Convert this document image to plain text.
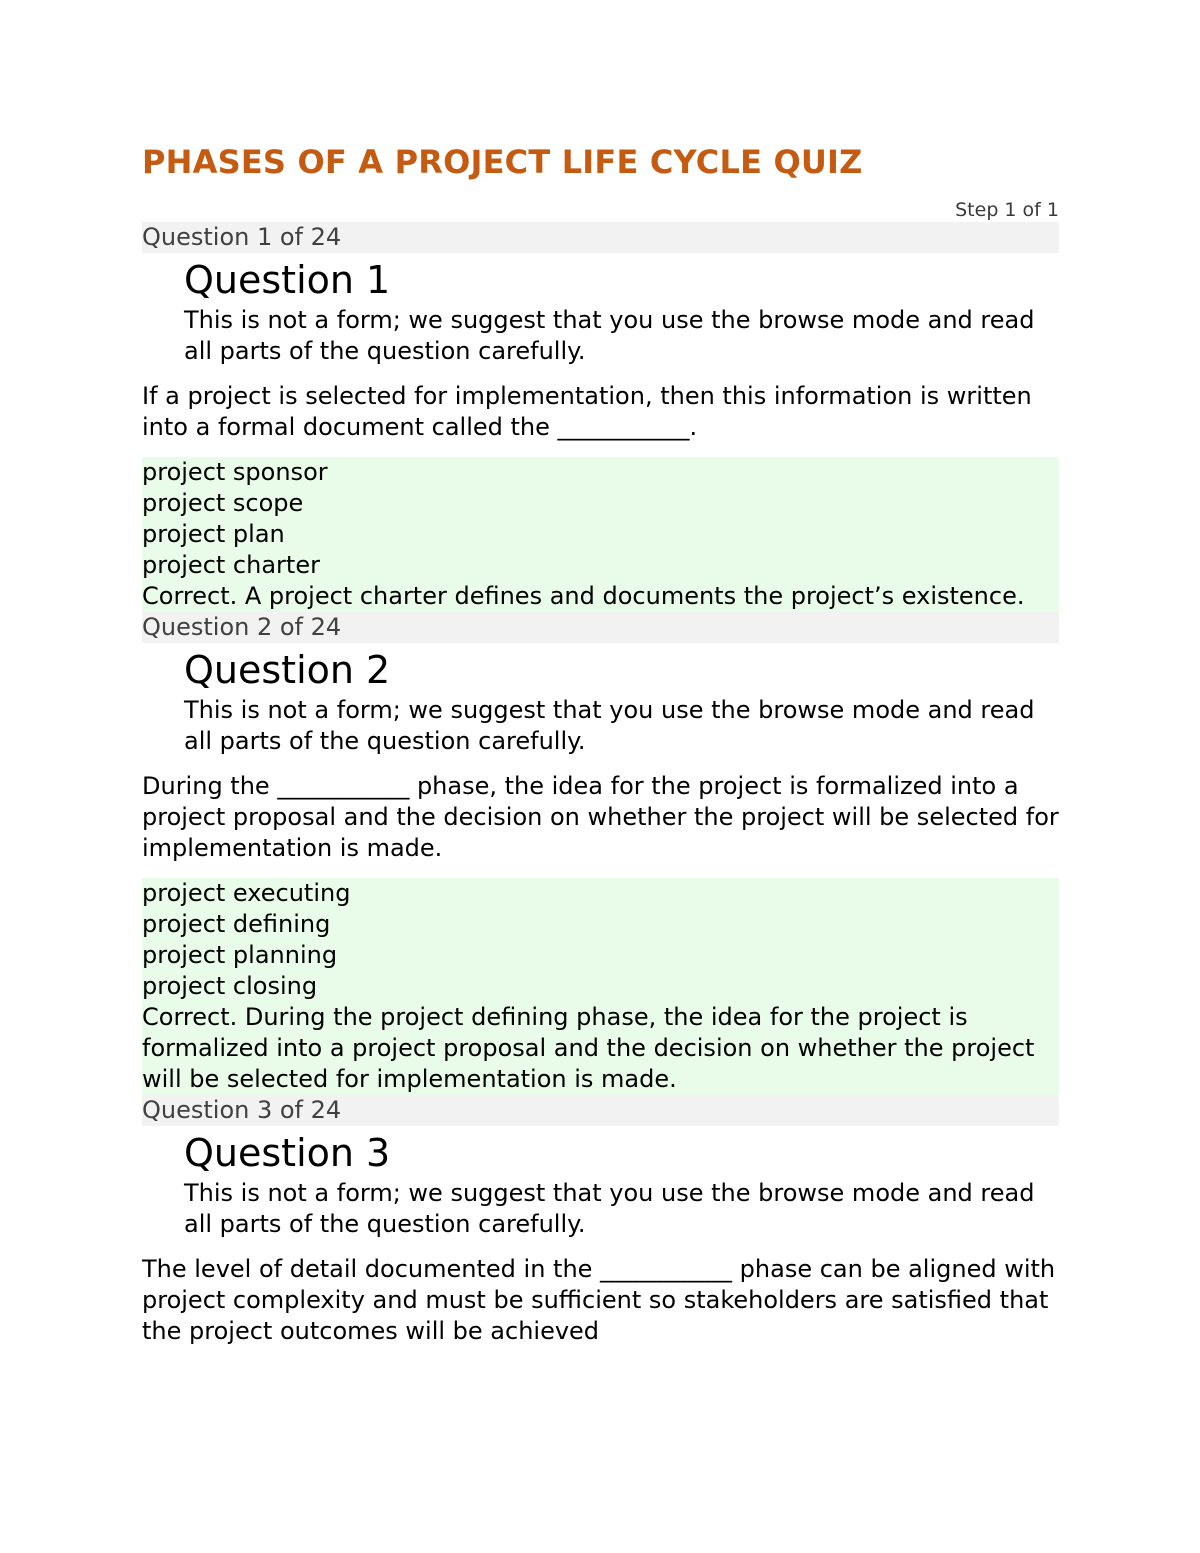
PHASES OF A PROJECT LIFE CYCLE QUIZ
Step 1 of 1
Question 1 of 24
Question 1
This is not a form; we suggest that you use the browse mode and read all parts of the question carefully.
If a project is selected for implementation, then this information is written into a formal document called the ___________.
project sponsor
project scope
project plan
project charter
Correct. A project charter defines and documents the project’s existence.
Question 2 of 24
Question 2
This is not a form; we suggest that you use the browse mode and read all parts of the question carefully.
During the ___________ phase, the idea for the project is formalized into a project proposal and the decision on whether the project will be selected for implementation is made.
project executing
project defining
project planning
project closing
Correct. During the project defining phase, the idea for the project is formalized into a project proposal and the decision on whether the project will be selected for implementation is made.
Question 3 of 24
Question 3
This is not a form; we suggest that you use the browse mode and read all parts of the question carefully.
The level of detail documented in the ___________ phase can be aligned with project complexity and must be sufficient so stakeholders are satisfied that the project outcomes will be achieved
